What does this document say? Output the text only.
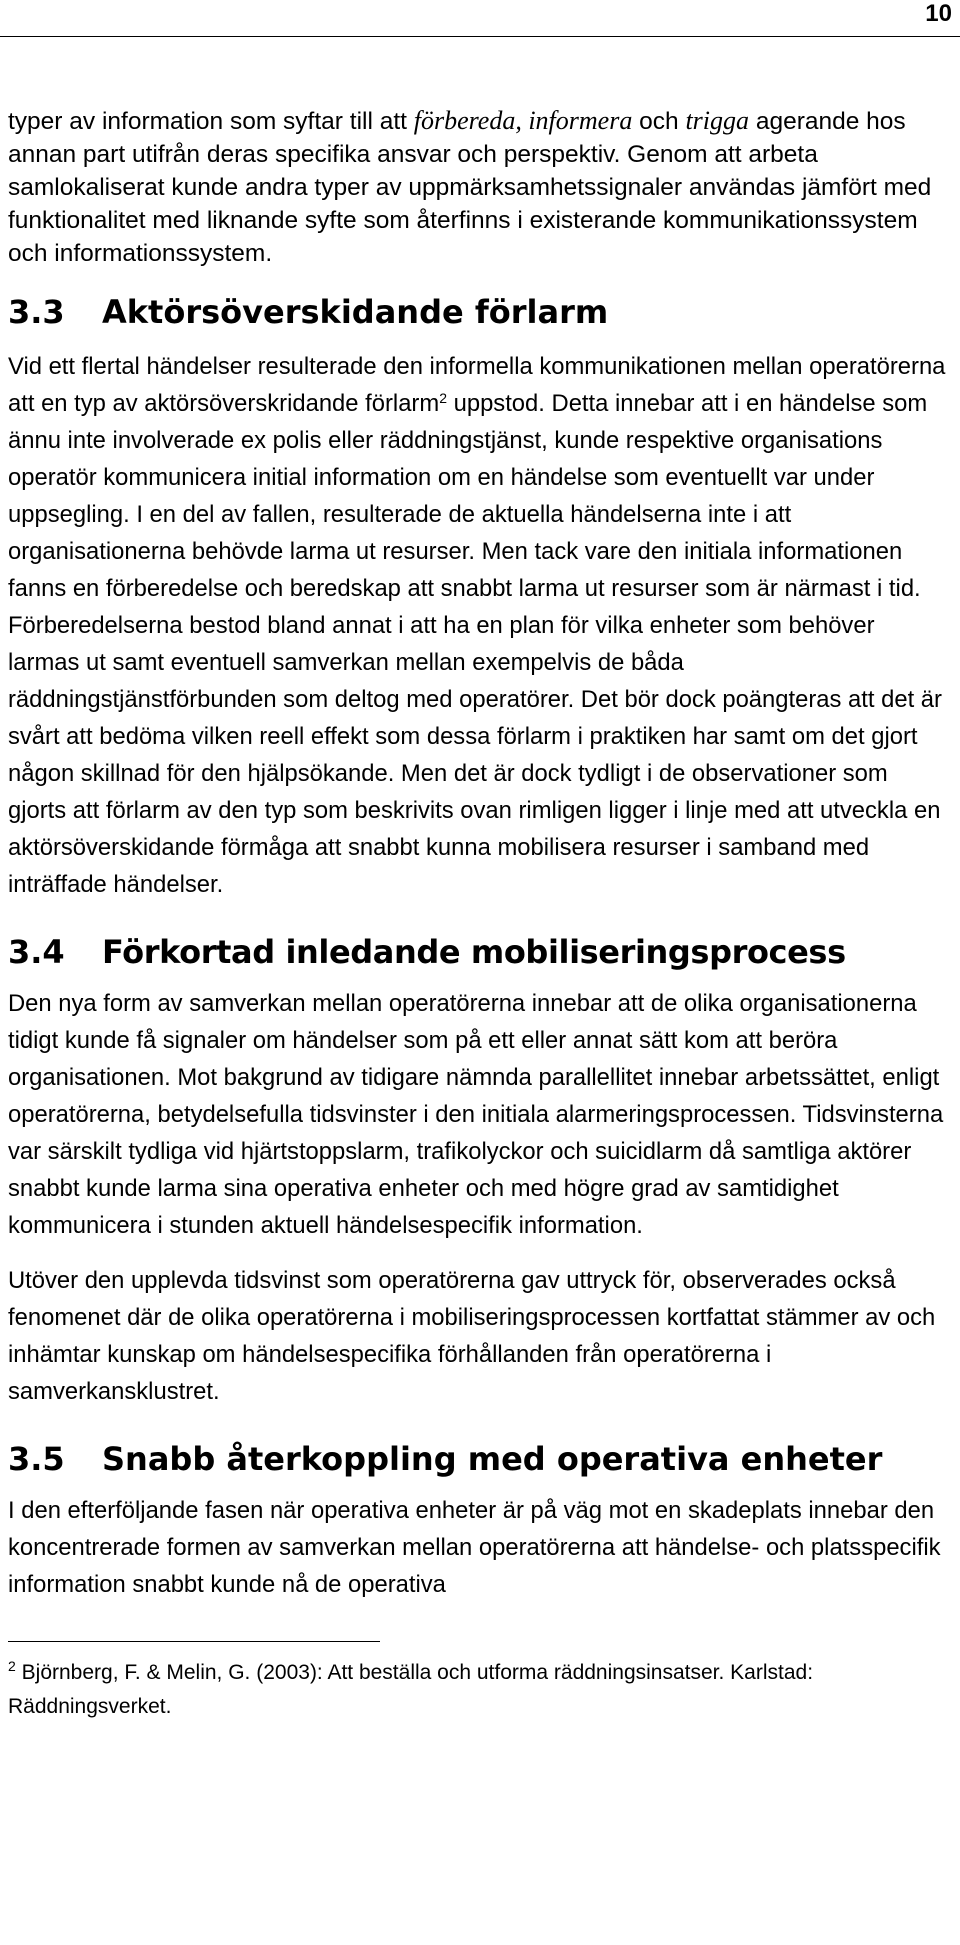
10

typer av information som syftar till att förbereda, informera och trigga agerande hos annan part utifrån deras specifika ansvar och perspektiv. Genom att arbeta samlokaliserat kunde andra typer av uppmärksamhetssignaler användas jämfört med funktionalitet med liknande syfte som återfinns i existerande kommunikationssystem och informationssystem.

3.3	Aktörsöverskidande förlarm

Vid ett flertal händelser resulterade den informella kommunikationen mellan operatörerna att en typ av aktörsöverskridande förlarm$^2$ uppstod. Detta innebar att i en händelse som ännu inte involverade ex polis eller räddningstjänst, kunde respektive organisations operatör kommunicera initial information om en händelse som eventuellt var under uppsegling. I en del av fallen, resulterade de aktuella händelserna inte i att organisationerna behövde larma ut resurser. Men tack vare den initiala informationen fanns en förberedelse och beredskap att snabbt larma ut resurser som är närmast i tid. Förberedelserna bestod bland annat i att ha en plan för vilka enheter som behöver larmas ut samt eventuell samverkan mellan exempelvis de båda räddningstjänstförbunden som deltog med operatörer. Det bör dock poängteras att det är svårt att bedöma vilken reell effekt som dessa förlarm i praktiken har samt om det gjort någon skillnad för den hjälpsökande. Men det är dock tydligt i de observationer som gjorts att förlarm av den typ som beskrivits ovan rimligen ligger i linje med att utveckla en aktörsöverskidande förmåga att snabbt kunna mobilisera resurser i samband med inträffade händelser.

3.4	Förkortad inledande mobiliseringsprocess

Den nya form av samverkan mellan operatörerna innebar att de olika organisationerna tidigt kunde få signaler om händelser som på ett eller annat sätt kom att beröra organisationen. Mot bakgrund av tidigare nämnda parallellitet innebar arbetssättet, enligt operatörerna, betydelsefulla tidsvinster i den initiala alarmeringsprocessen. Tidsvinsterna var särskilt tydliga vid hjärtstoppslarm, trafikolyckor och suicidlarm då samtliga aktörer snabbt kunde larma sina operativa enheter och med högre grad av samtidighet kommunicera i stunden aktuell händelsespecifik information.

Utöver den upplevda tidsvinst som operatörerna gav uttryck för, observerades också fenomenet där de olika operatörerna i mobiliseringsprocessen kortfattat stämmer av och inhämtar kunskap om händelsespecifika förhållanden från operatörerna i samverkansklustret.

3.5	Snabb återkoppling med operativa enheter

I den efterföljande fasen när operativa enheter är på väg mot en skadeplats innebar den koncentrerade formen av samverkan mellan operatörerna att händelse- och platsspecifik information snabbt kunde nå de operativa

$^2$ Björnberg, F. & Melin, G. (2003): Att beställa och utforma räddningsinsatser. Karlstad: Räddningsverket.
